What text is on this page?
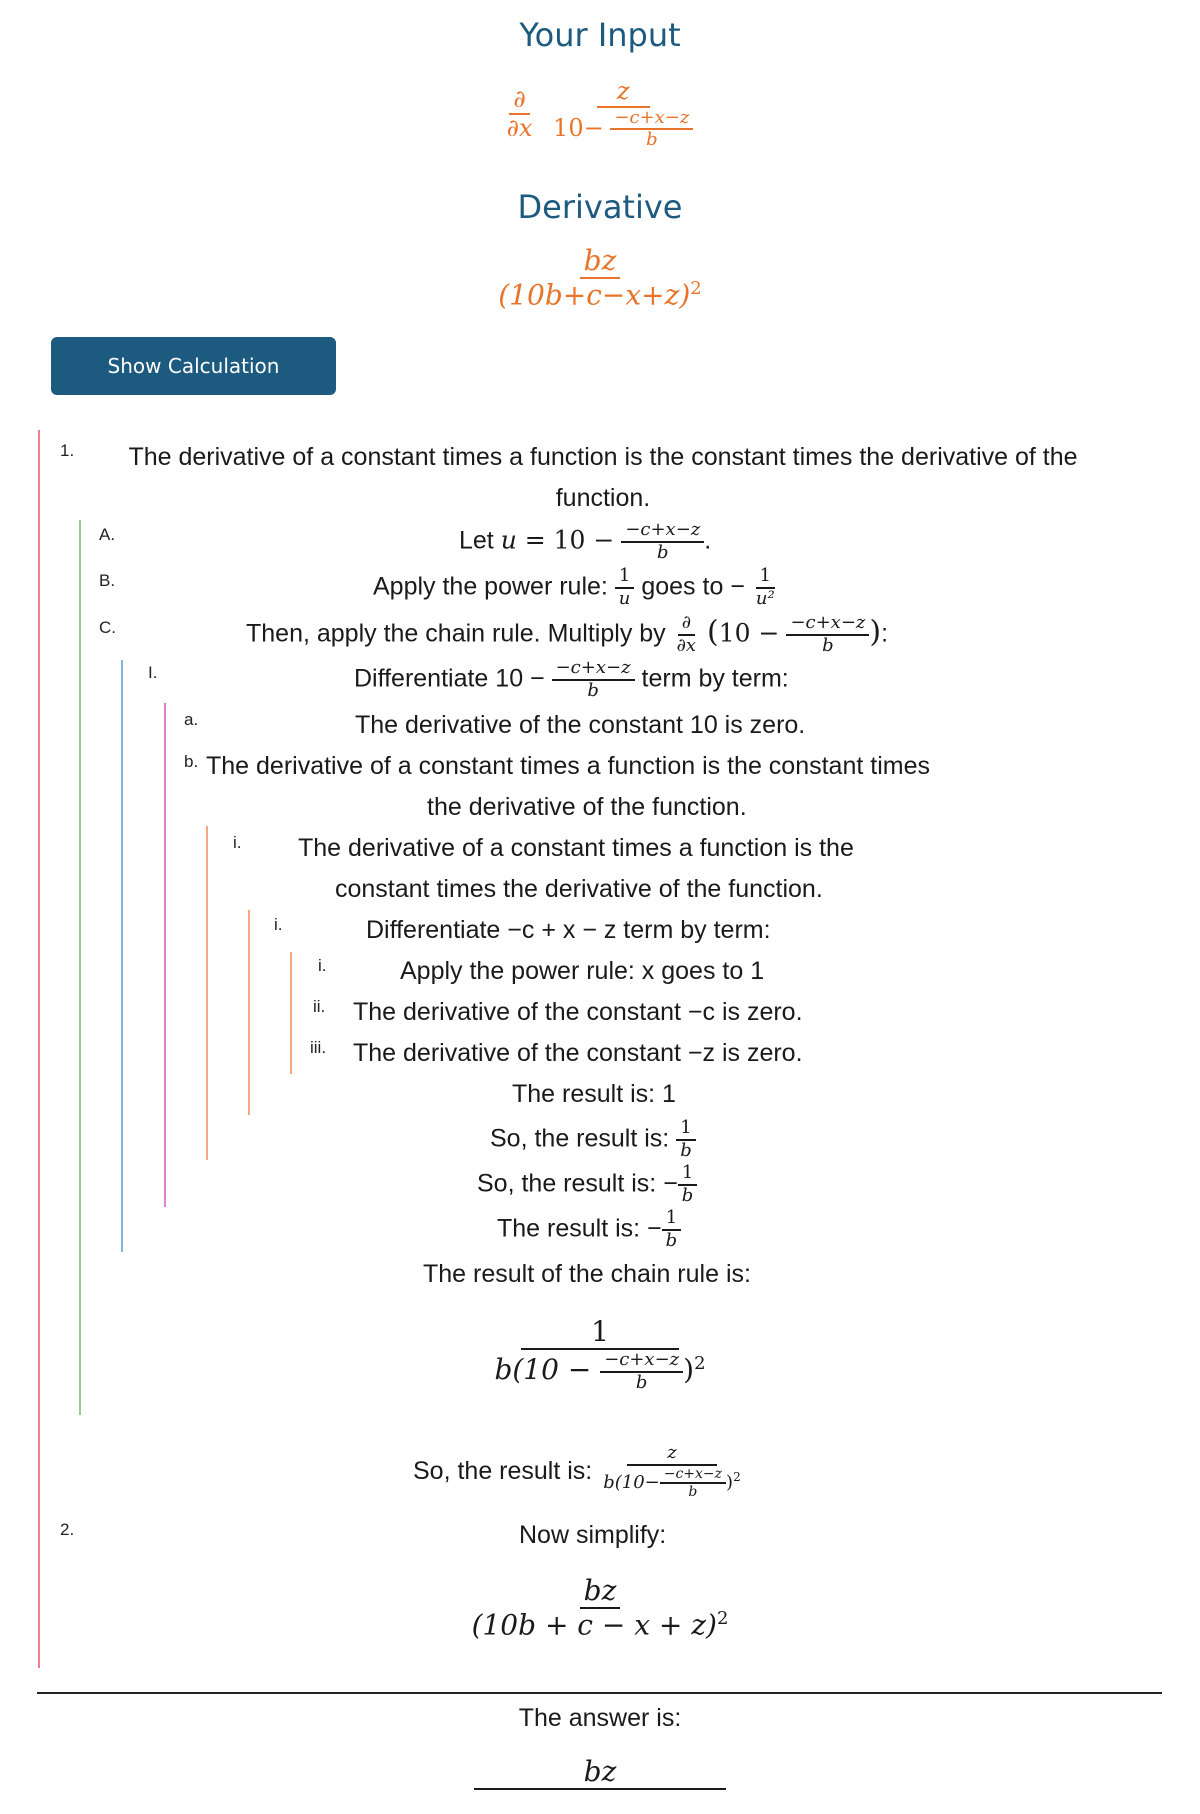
Your Input
$\frac{\partial}{\partial x}$
$\frac{z}{10- \frac{-c+x-z}{b}}$
Derivative
$\frac{bz}{(10b+c-x+z)^2}$
Show Calculation
1.	The derivative of a constant times a function is the constant times the derivative of the
function.
A.	Let $u = 10 - \frac{-c+x-z}{b}$ .
B.	Apply the power rule: $\frac{1}{u}$ goes to − $\frac{1}{\text{u²}}$
C.	Then, apply the chain rule. Multiply by $\frac{\partial}{\partial x} (10 - \frac{-c+x-z}{b}$ ):
I.	Differentiate $10 - \frac{-c+x-z}{b}$ term by term:
a.	The derivative of the constant 10 is zero.
b. The derivative of a constant times a function is the constant times
the derivative of the function.
i. The derivative of a constant times a function is the
constant times the derivative of the function.
i.	Differentiate −c + x − z term by term:
i.	Apply the power rule: x goes to 1
ii. The derivative of the constant −c is zero.
iii. The derivative of the constant −z is zero.
The result is: 1
So, the result is: $\frac{1}{b}$
So, the result is: − $\frac{1}{b}$
The result is: − $\frac{1}{b}$
The result of the chain rule is:
$\frac{1}{b(10 - \frac{-c+x-z}{b} )^2}$
So, the result is: $\frac{z}{b(10- \frac{-c+x-z}{b} )^2}$
2.	Now simplify:
$\frac{bz}{(10b + c - x + z)^2}$
The answer is:
bz
